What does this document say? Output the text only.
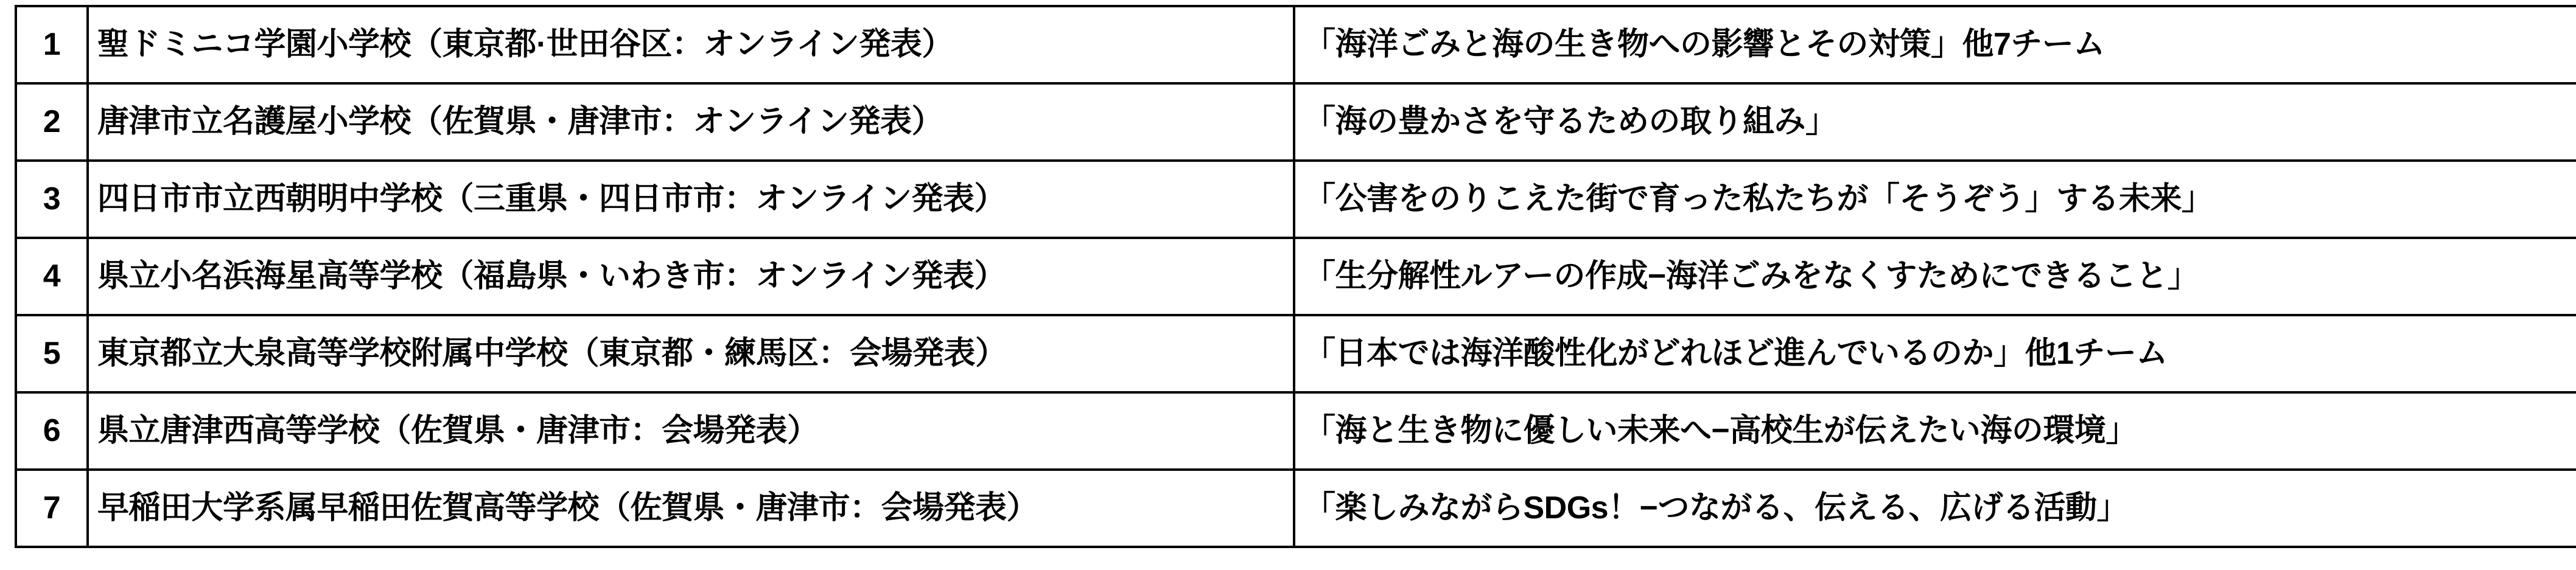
1	聖ドミニコ学園小学校（東京都·世田谷区：オンライン発表）	「海洋ごみと海の生き物への影響とその対策」他7チーム

2	唐津市立名護屋小学校（佐賀県・唐津市：オンライン発表）	「海の豊かさを守るための取り組み」

3	四日市市立西朝明中学校（三重県・四日市市：オンライン発表）	「公害をのりこえた街で育った私たちが「そうぞう」する未来」

4	県立小名浜海星高等学校（福島県・いわき市：オンライン発表）	「生分解性ルアーの作成−海洋ごみをなくすためにできること」

5	東京都立大泉高等学校附属中学校（東京都・練馬区：会場発表）	「日本では海洋酸性化がどれほど進んでいるのか」他1チーム

6	県立唐津西高等学校（佐賀県・唐津市：会場発表）	「海と生き物に優しい未来へ−高校生が伝えたい海の環境」

7	早稲田大学系属早稲田佐賀高等学校（佐賀県・唐津市：会場発表）	「楽しみながらSDGs！−つながる、伝える、広げる活動」
